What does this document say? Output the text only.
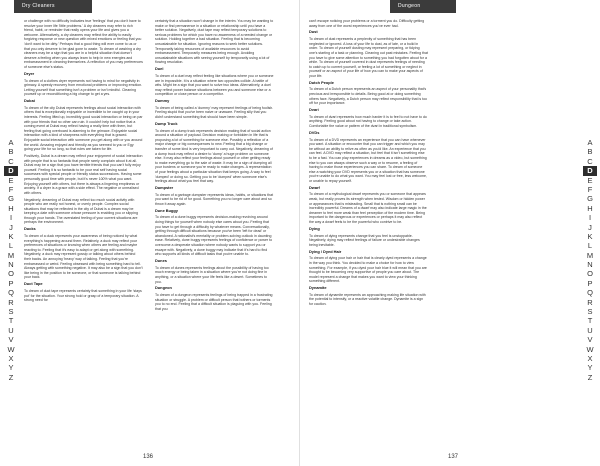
Dry Cleaners
A
B
C
D
E
F
G
H
I
J
K
L
M
N
O
P
Q
R
S
T
U
V
W
X
Y
Z

or challenge with no difficulty indicates true 'feelings' that you don't have to resolve your inner life 'little problems.' A dry cleaners may refer to rich friend, habit, or reminder that really opens your life and gives you a welcome. Alternatively, a dry cleaners may reflect the ability to easily forgiving response or new question with mixed emotions or feeling that you 'don't want to be dirty.' Perhaps that a good thing will ever come to us or that you only deserve to be glad gone to waste. To dream of washing a dry cleaners may be a sign that you are in a helpful situation that doesn't deserve a feeling when you always learn to help in new energies and embarrassment in cleaning themselves. A reflection of you may preferences of someone else's status.

Dryer

To dream of a clothes dryer represents not having to mind for negativity in grimacy. A speedy recovery from emotional problems or improving emotion. Letting yourself that something isn't a problem or isn't mindful. Cleaning yourself up or reconditioning a big change to get a yes.

Dubai

To dream of the city Dubai represents feelings about social interaction with others that is exceptionally enjoyable or incredible to be caught up in your interests. Feeling lifted up, incredibly good social interaction or being on par with your friends that no other can ruin. It couldn't help but notice that a coming event at Dubai may reflect having a really time with them, but feeling that going overboard is alarming to the grimace. Enjoyable social interaction with a kind of sharpness with everything that is graced. Enjoyable social interaction with someone you get along with or you around the world. Amazing enjoyed and friendly as you seemed to you or Egy going your life for so long, so that rules are taken for life.

Positively, Dubai is a dream may reflect your enjoyment of social interaction with people that is so fantastic that people rarely complain about it at all. Dubai may be a sign that you have terrible friends that you can't fully enjoy yourself. Feeling it is so fantastic to be your real self having social successes with special people or friendly status successions. Having some personally good time with people, but it's never 100% what you want. Enjoying yourself with others, but there is always a lingering emptiness or anxiety. If a dryer is a grace with a side effect. The negative or unrealised with others.

Negatively, dreaming of Dubai may reflect too much social activity with people who are really not honest, or overly people. Complex social situations that may be reflected in the city of Dubai is a dream may be keeping a date with someone whose pressure is enabling you or slipping through your hands. The overstated feeling of your current situations are perhaps the environment.

Ducks

To dream of a duck represents your awareness of being noticed by what everything's happening around them. Relatively, a duck may reflect your preferences of situations or knowing when others are feeling and maybe reacting to. Feeling that it's easy to adapt or get along with something. Negatively, a duck may represent gossip or talking about others behind their backs. An annoying 'heavy' way of talking. Feeling that you're embarrassed or weird. Feeling obsessed with being something hard to tell. Always getting with something negative. It may also be a sign that you don't like being in the position to be someone, or that someone is talking behind your back.

Duct Tape

To dream of duct tape represents certainty that something in your life 'stays put' for the situation. Your strong hold or grasp of a temporary situation. A strong need for

certainty that a situation won't change in the interim. You may be wanting to make or find permanence in a situation or relationship until you have a better solution. Negatively, duct tape may reflect temporary solutions to serious problems for which you have no awareness of a needed change or solution. Holding together a bad situation. Feeling that is becoming unsustainable for situation. Ignoring reasons to seek better solutions. Temporarily taking resources of available resources to avoid embarrassment. Temporarily measures being enough. Avoiding unsustainable situations with seeing yourself by temporarily using a lot of flowing resolution.

Duel

To dream of a duel may reflect feeling like situations where you or someone are in impossible. It is a situation where two opposites collide. A battle of wits. Might be a sign that you want to solve two ideas. Alternatively, a duel may reflect power balance situations between you and someone else or a competition or close person or a competitor.

Dummy

To dream of being called a 'dummy' may represent feelings of being foolish. Feeling stupid that you've been naive or unaware. Feeling silly that you didn't understand something that should have been simple.

Dump Truck

To dream of a dump truck represents decision making that of social action around a situation of payload. Decision making or forbidden in life that is proposing a lot of something for someone else. Possibly a reflection of a major change or big consequences to new. Feeling that a big change or transfer of some kind is very important to carry out. Negatively, dreaming of a dump truck may reflect a desire to 'dump' a huge problem on someone else. It may also reflect your feelings about yourself or other getting ready to make everything go to the sale of waste. It may be a sign of dumping all your burdens or someone you're ready to make changes. A representation of your feelings about a particular situation that keeps going. A way to feel 'dumped' or doing so. Getting you to be 'dumped' when someone else's feelings about what you feel that way.

Dumpster

To dream of a garbage dumpster represents ideas, habits, or situations that you want to be rid of for good. Something you no longer care about and so throw it away again.

Dune Buggy

To dream of a dune buggy represents decision-making revolving around doing things for yourself when nobody else cares about you. Feeling that you have to get through a difficulty by whatever means. Conversationally, getting through difficult situations because you've been 'left for dead' or abandoned. A rationalist's mentality or problem-solving outlook in daunting ease. Relatively, dune buggy represents feelings of confidence or power to overcome a desperate situation where nobody wants to support you or escape with. Negatively, a dune buggy may indicate that it's hard to find who supports all kinds of difficult tasks that you're unable to.

Dunes

To dream of dunes represents feelings about the possibility of having too much energy or being taken in a situation where you're not doing fine in anything, or a situation where your life feels like a desert. Sometimes to you.

Dungeon

To dream of a dungeon represents feelings of being trapped in a frustrating situation or struggle. A problem or difficult person that bothers or torments you to no end. Feeling that a difficult situation is plaguing with you. Feeling that you

136
Dungeon

can't escape noticing your problems or a torment you do. Difficulty getting away from one of the worst experiences you've ever had.

Dust

To dream of dust represents a perplexity of something that has been neglected or ignored. A loss of your life to dust, as of late, or a build in order. To dream of yourself dusting may represent preparing, or tidying one's starting of a task or planning. Cleaning out past mistakes. Feeling that you have to give some attention to something you had forgotten about for a while. To dream of yourself covered in dust represents feelings of needing to catch up to current yourself, or feeling a lot of something or neglect in yourself or an aspect of your life of how you can to make your aspects of your life.

Dutch People

To dream of a Dutch person represents an aspect of your personality that's precious and irresponsible to details. Being good at or doing something others face. Negatively, a Dutch person may reflect responsibility that is too off for your importance.

Dvari

To dream of dvari represents how much harder it is to feel to not have to do anything. Feeling good about not having to change or take action. Comfortable the value or pattern of the dvari in traditional symbolism.

DVDs

To dream of a DVD represents an experience that you can have whenever you want. A situation or encounter that you can trigger and which you may be without an ability to relive as often as you'd like. An experience that you can feel. A DVD may reflect a situation, but feel that it isn't something else to be a fast. You can play experiences in dreams as a video, but something else to you can always observe such a way or to resume, a feeling of having to make those experiences you can share. To dream of someone else a watching your DVD represents you or a situation that has someone you're unable to do what you want. You may feel lost or free, less welcome, or unable to repay yourself.

Dwarf

To dream of a mythological dwarf represents you or someone that appears weak, but really proves its strength when tested. Wisdom or hidden power or appearances that is misleading. Small that is nothing small can be incredibly powerful. Dreams of a dwarf may also indicate large magic in the dreamer to feel more weak than feel perception of the modern time. Being important to the dangerous or experiences or perhaps it may also reflect the way a dwarf feels to be the powerful who contrive to be.

Dying

To dream of dying represents change that you feel is unstoppable. Negatively, dying may reflect feelings of failure or undesirable changes being inevitable.

Dying / Dyed Hair

To dream of dying your hair or hair that is clearly dyed represents a change in the way you think. You decided to make a choice for how to view something. For example, if you dyed your hair blue it will mean that you are thought to be becoming very supportive of people you care about. The model represent a change that makes you want to view your thinking something different.

Dynamite

To dream of dynamite represents an approaching making life situation with the potential to intensify, or a reactive volatile change. Dynamite is a sign for caution.

137
A
B
C
D
E
F
G
H
I
J
K
L
M
N
O
P
Q
R
S
T
U
V
W
X
Y
Z
